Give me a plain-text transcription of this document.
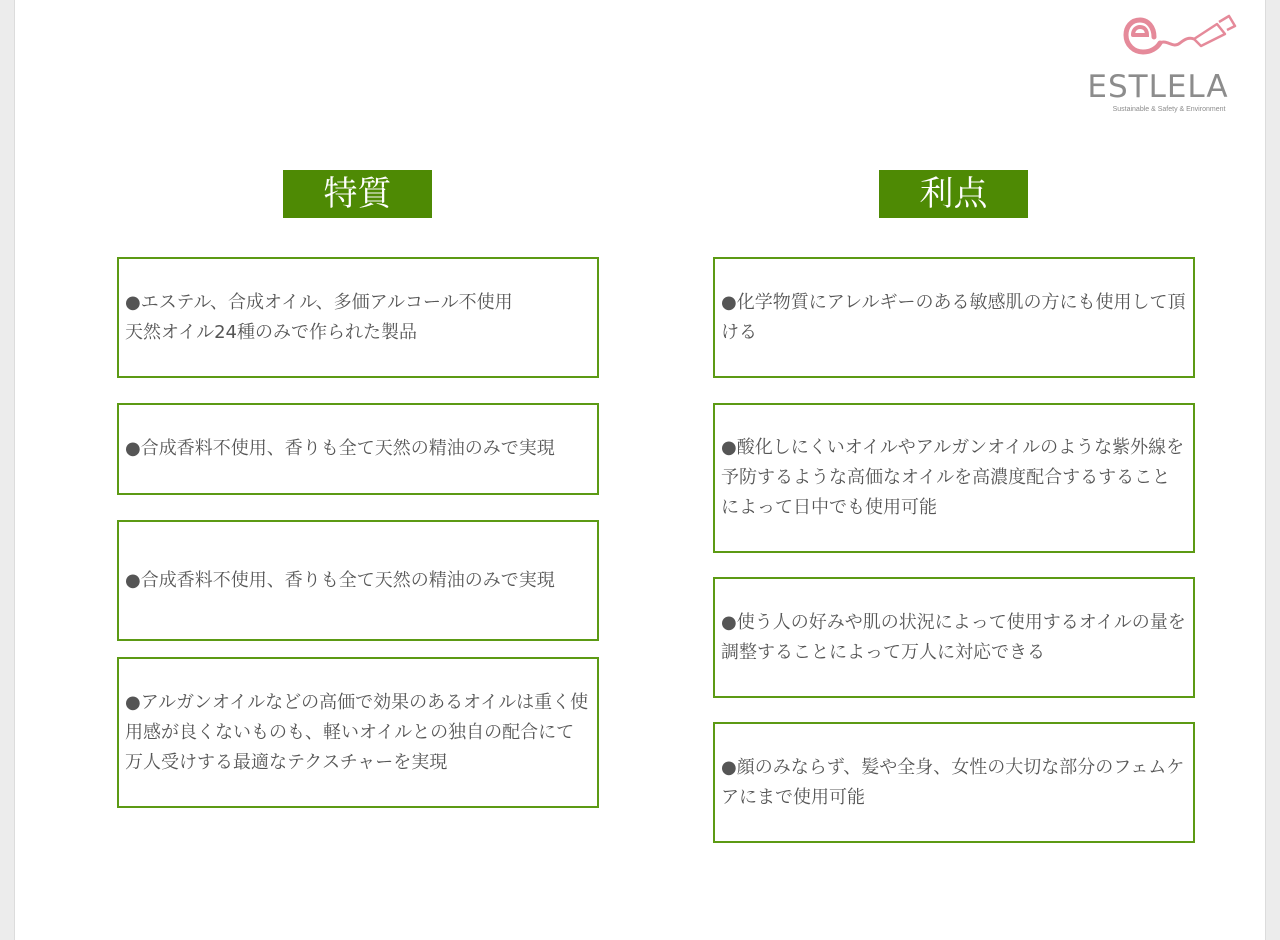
ESTLELA
Sustainable & Safety & Environment
特質	利点
●エステル、合成オイル、多価アルコール不使用
天然オイル24種のみで作られた製品
●合成香料不使用、香りも全て天然の精油のみで実現
●合成香料不使用、香りも全て天然の精油のみで実現
●アルガンオイルなどの高価で効果のあるオイルは重く使用感が良くないものも、軽いオイルとの独自の配合にて万人受けする最適なテクスチャーを実現
●化学物質にアレルギーのある敏感肌の方にも使用して頂ける
●酸化しにくいオイルやアルガンオイルのような紫外線を予防するような高価なオイルを高濃度配合するすることによって日中でも使用可能
●使う人の好みや肌の状況によって使用するオイルの量を調整することによって万人に対応できる
●顔のみならず、髪や全身、女性の大切な部分のフェムケアにまで使用可能
